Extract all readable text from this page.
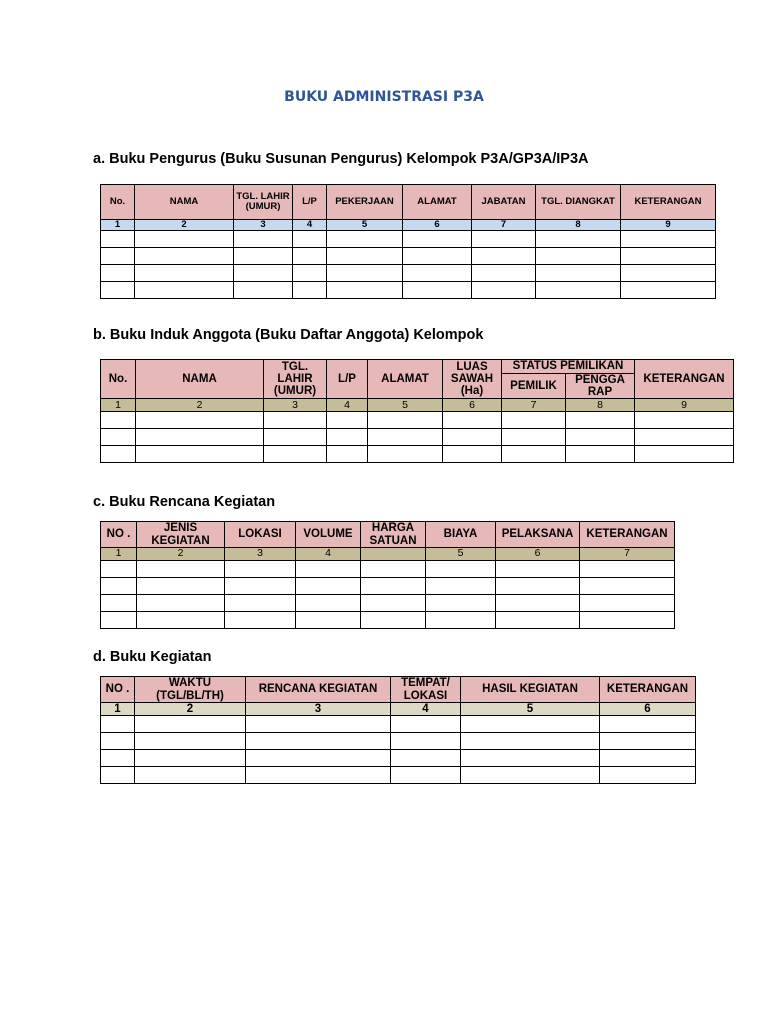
BUKU ADMINISTRASI P3A
a. Buku Pengurus (Buku Susunan Pengurus) Kelompok P3A/GP3A/IP3A
No.	NAMA	TGL. LAHIR (UMUR)	L/P	PEKERJAAN	ALAMAT	JABATAN	TGL. DIANGKAT	KETERANGAN
1	2	3	4	5	6	7	8	9

b. Buku Induk Anggota (Buku Daftar Anggota) Kelompok
No.	NAMA	TGL. LAHIR (UMUR)	L/P	ALAMAT	LUAS SAWAH (Ha)	STATUS PEMILIKAN		KETERANGAN
						PEMILIK	PENGGA RAP	
1	2	3	4	5	6	7	8	9

c. Buku Rencana Kegiatan
NO .	JENIS KEGIATAN	LOKASI	VOLUME	HARGA SATUAN	BIAYA	PELAKSANA	KETERANGAN
1	2	3	4		5	6	7

d. Buku Kegiatan
NO .	WAKTU (TGL/BL/TH)	RENCANA KEGIATAN	TEMPAT/ LOKASI	HASIL KEGIATAN	KETERANGAN
1	2	3	4	5	6
